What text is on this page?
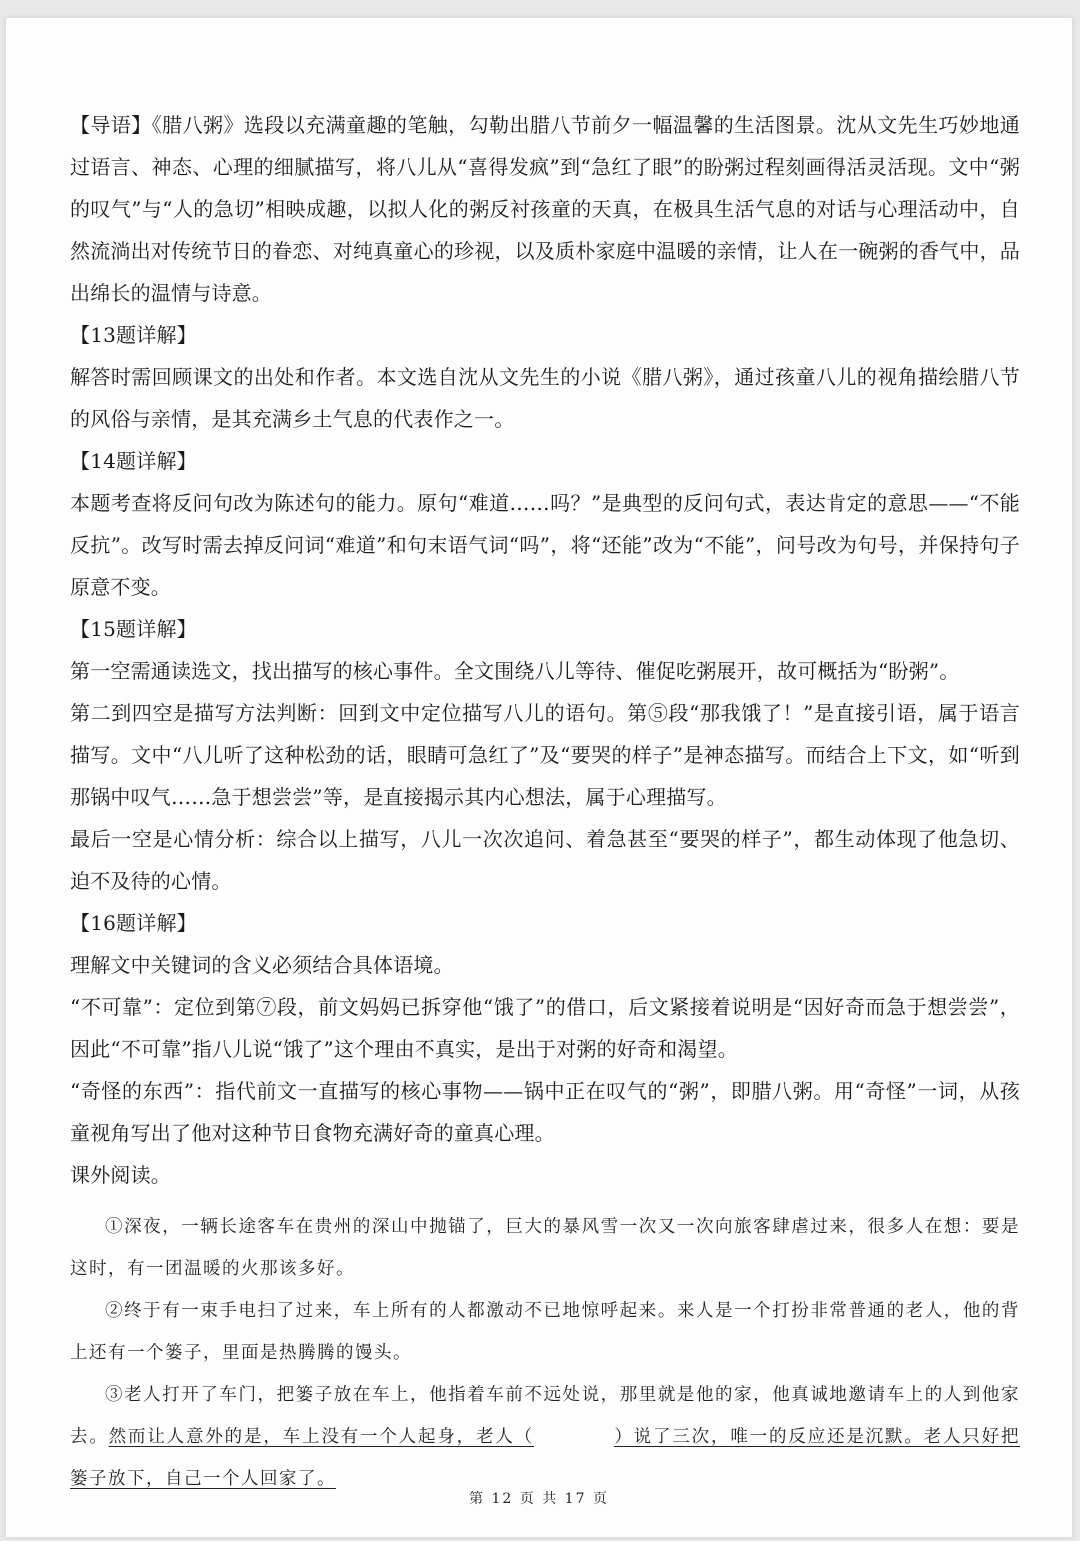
【导语】《腊八粥》选段以充满童趣的笔触，勾勒出腊八节前夕一幅温馨的生活图景。沈从文先生巧妙地通过语言、神态、心理的细腻描写，将八儿从“喜得发疯”到“急红了眼”的盼粥过程刻画得活灵活现。文中“粥的叹气”与“人的急切”相映成趣，以拟人化的粥反衬孩童的天真，在极具生活气息的对话与心理活动中，自然流淌出对传统节日的眷恋、对纯真童心的珍视，以及质朴家庭中温暖的亲情，让人在一碗粥的香气中，品出绵长的温情与诗意。

【13题详解】

解答时需回顾课文的出处和作者。本文选自沈从文先生的小说《腊八粥》，通过孩童八儿的视角描绘腊八节的风俗与亲情，是其充满乡土气息的代表作之一。

【14题详解】

本题考查将反问句改为陈述句的能力。原句“难道……吗？”是典型的反问句式，表达肯定的意思——“不能反抗”。改写时需去掉反问词“难道”和句末语气词“吗”，将“还能”改为“不能”，问号改为句号，并保持句子原意不变。

【15题详解】

第一空需通读选文，找出描写的核心事件。全文围绕八儿等待、催促吃粥展开，故可概括为“盼粥”。

第二到四空是描写方法判断：回到文中定位描写八儿的语句。第⑤段“那我饿了！”是直接引语，属于语言描写。文中“八儿听了这种松劲的话，眼睛可急红了”及“要哭的样子”是神态描写。而结合上下文，如“听到那锅中叹气……急于想尝尝”等，是直接揭示其内心想法，属于心理描写。

最后一空是心情分析：综合以上描写，八儿一次次追问、着急甚至“要哭的样子”，都生动体现了他急切、迫不及待的心情。

【16题详解】

理解文中关键词的含义必须结合具体语境。

“不可靠”：定位到第⑦段，前文妈妈已拆穿他“饿了”的借口，后文紧接着说明是“因好奇而急于想尝尝”，因此“不可靠”指八儿说“饿了”这个理由不真实，是出于对粥的好奇和渴望。

“奇怪的东西”：指代前文一直描写的核心事物——锅中正在叹气的“粥”，即腊八粥。用“奇怪”一词，从孩童视角写出了他对这种节日食物充满好奇的童真心理。

课外阅读。

①深夜，一辆长途客车在贵州的深山中抛锚了，巨大的暴风雪一次又一次向旅客肆虐过来，很多人在想：要是这时，有一团温暖的火那该多好。

②终于有一束手电扫了过来，车上所有的人都激动不已地惊呼起来。来人是一个打扮非常普通的老人，他的背上还有一个篓子，里面是热腾腾的馒头。

③老人打开了车门，把篓子放在车上，他指着车前不远处说，那里就是他的家，他真诚地邀请车上的人到他家去。然而让人意外的是，车上没有一个人起身，老人（	）说了三次，唯一的反应还是沉默。老人只好把篓子放下，自己一个人回家了。

第 12 页 共 17 页
